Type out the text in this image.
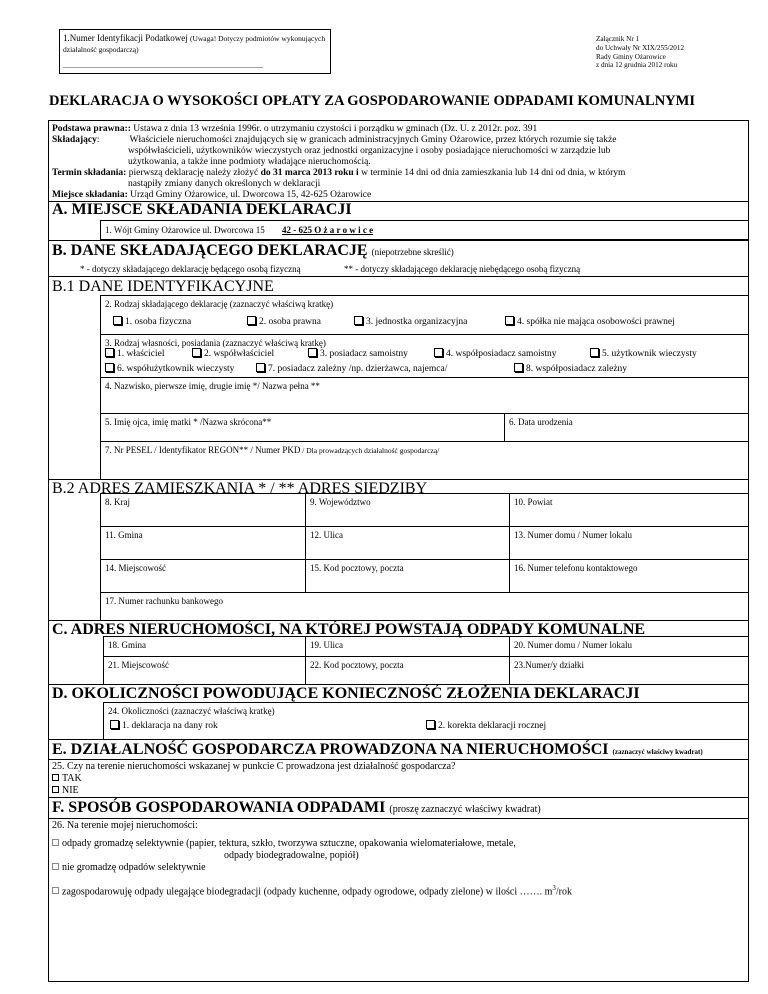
1.Numer Identyfikacji Podatkowej (Uwaga! Dotyczy podmiotów wykonujących działalność gospodarczą)
....................................................................................................
Załącznik Nr 1
do Uchwały Nr XIX/255/2012
Rady Gminy Ożarowice
z dnia 12 grudnia 2012 roku
DEKLARACJA O WYSOKOŚCI OPŁATY ZA GOSPODAROWANIE ODPADAMI KOMUNALNYMI
Podstawa prawna:: Ustawa z dnia 13 września 1996r. o utrzymaniu czystości i porządku w gminach (Dz. U. z 2012r. poz. 391
Składający:	Właściciele nieruchomości znajdujących się w granicach administracyjnych Gminy Ożarowice, przez których rozumie się także
współwłaścicieli, użytkowników wieczystych oraz jednostki organizacyjne i osoby posiadające nieruchomości w zarządzie lub
użytkowania, a także inne podmioty władające nieruchomością.
Termin składania: pierwszą deklarację należy złożyć do 31 marca 2013 roku i w terminie 14 dni od dnia zamieszkania lub 14 dni od dnia, w którym
nastąpiły zmiany danych określonych w deklaracji
Miejsce składania: Urząd Gminy Ożarowice, ul. Dworcowa 15, 42-625 Ożarowice
A. MIEJSCE SKŁADANIA DEKLARACJI
1. Wójt Gminy Ożarowice ul. Dworcowa 15 42 - 625 O ż a r o w i c e
B. DANE SKŁADAJĄCEGO DEKLARACJĘ (niepotrzebne skreślić)
* - dotyczy składającego deklarację będącego osobą fizyczną	** - dotyczy składającego deklarację niebędącego osobą fizyczną
B.1 DANE IDENTYFIKACYJNE
2. Rodzaj składającego deklarację (zaznaczyć właściwą kratkę)
1. osoba fizyczna	2. osoba prawna	3. jednostka organizacyjna	4. spółka nie mająca osobowości prawnej
3. Rodzaj własności, posiadania (zaznaczyć właściwą kratkę)
1. właściciel	2. współwłaściciel	3. posiadacz samoistny	4. współposiadacz samoistny	5. użytkownik wieczysty
6. współużytkownik wieczysty	7. posiadacz zależny /np. dzierżawca, najemca/	8. współposiadacz zależny
4. Nazwisko, pierwsze imię, drugie imię */ Nazwa pełna **
5. Imię ojca, imię matki * /Nazwa skrócona**	6. Data urodzenia
7. Nr PESEL / Identyfikator REGON** / Numer PKD / Dla prowadzących działalność gospodarczą/
B.2 ADRES ZAMIESZKANIA * / ** ADRES SIEDZIBY
8. Kraj	9. Województwo	10. Powiat
11. Gmina	12. Ulica	13. Numer domu / Numer lokalu
14. Miejscowość	15. Kod pocztowy, poczta	16. Numer telefonu kontaktowego
17. Numer rachunku bankowego
C. ADRES NIERUCHOMOŚCI, NA KTÓREJ POWSTAJĄ ODPADY KOMUNALNE
18. Gmina	19. Ulica	20. Numer domu / Numer lokalu
21. Miejscowość	22. Kod pocztowy, poczta	23.Numer/y działki
D. OKOLICZNOŚCI POWODUJĄCE KONIECZNOŚĆ ZŁOŻENIA DEKLARACJI
24. Okoliczności (zaznaczyć właściwą kratkę)
1. deklaracja na dany rok	2. korekta deklaracji rocznej
E. DZIAŁALNOŚĆ GOSPODARCZA PROWADZONA NA NIERUCHOMOŚCI (zaznaczyć właściwy kwadrat)
25. Czy na terenie nieruchomości wskazanej w punkcie C prowadzona jest działalność gospodarcza?
TAK
NIE
F. SPOSÓB GOSPODAROWANIA ODPADAMI (proszę zaznaczyć właściwy kwadrat)
26. Na terenie mojej nieruchomości:
odpady gromadzę selektywnie (papier, tektura, szkło, tworzywa sztuczne, opakowania wielomateriałowe, metale,
odpady biodegradowalne, popiół)
nie gromadzę odpadów selektywnie
zagospodarowuję odpady ulegające biodegradacji (odpady kuchenne, odpady ogrodowe, odpady zielone) w ilości ……. $m^3$/rok
